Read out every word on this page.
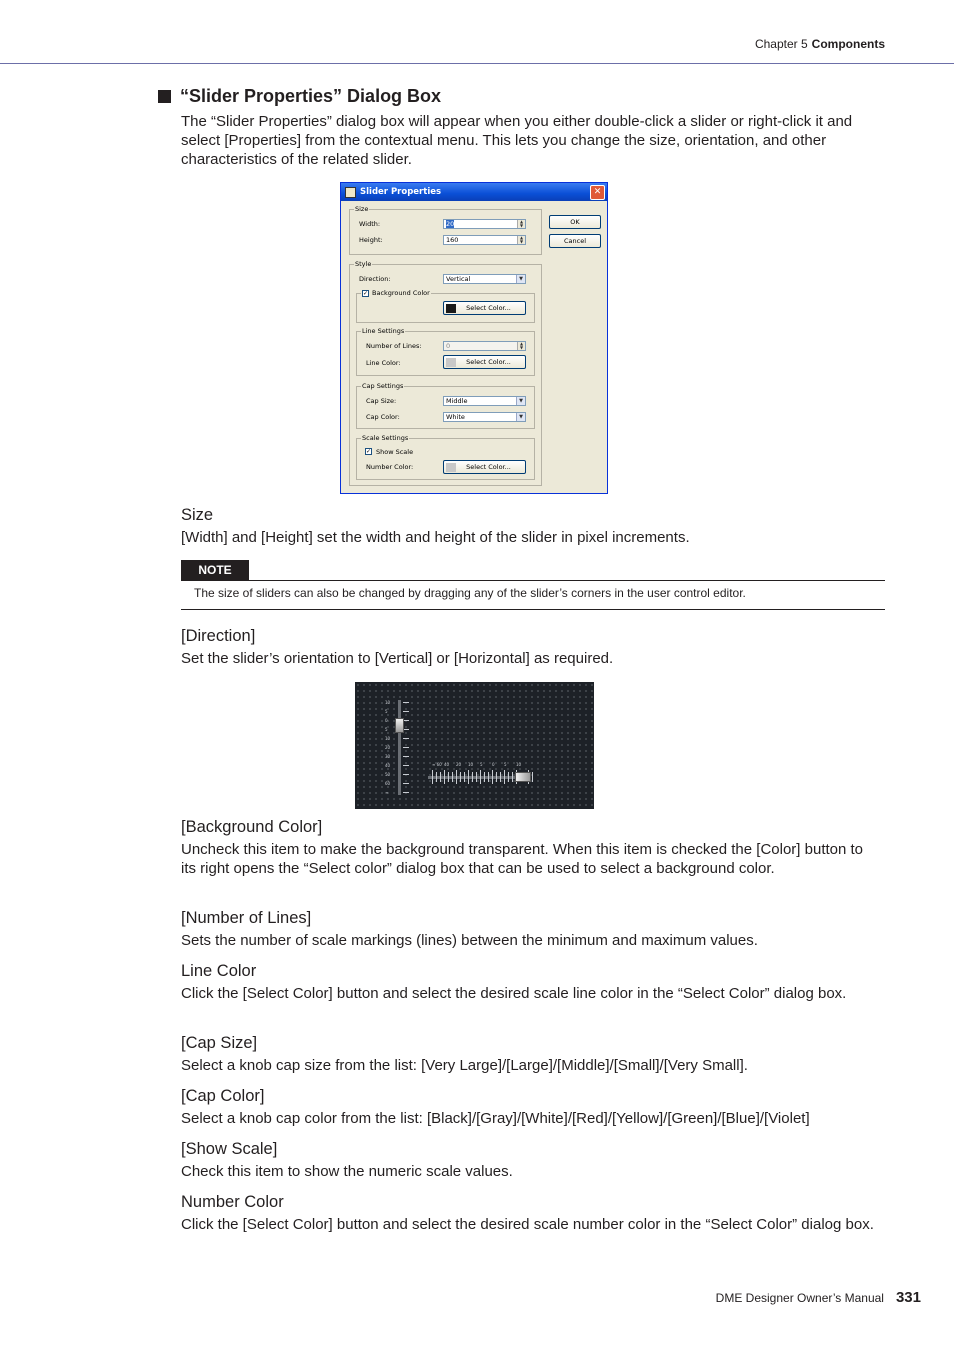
Chapter 5 Components
“Slider Properties” Dialog Box
The “Slider Properties” dialog box will appear when you either double-click a slider or right-click it and select [Properties] from the contextual menu. This lets you change the size, orientation, and other characteristics of the related slider.
Slider Properties	✕
OK
Cancel
Size
Width:	20	▲
▼
Height:	160	▲
▼
Style
Direction:	Vertical	▼
✓ Background Color
Select Color...
Line Settings
Number of Lines:	0	▲
▼
Line Color:	Select Color...
Cap Settings
Cap Size:	Middle	▼
Cap Color:	White	▼
Scale Settings
✓ Show Scale
Number Color:	Select Color...
Size
[Width] and [Height] set the width and height of the slider in pixel increments.
NOTE
The size of sliders can also be changed by dragging any of the slider’s corners in the user control editor.
[Direction]
Set the slider’s orientation to [Vertical] or [Horizontal] as required.
10
5
0
5
10
20
30
40
50
60
∞
∞ 60 40 20 10 5 0 5 10
[Background Color]
Uncheck this item to make the background transparent. When this item is checked the [Color] button to its right opens the “Select color” dialog box that can be used to select a background color.
[Number of Lines]
Sets the number of scale markings (lines) between the minimum and maximum values.
Line Color
Click the [Select Color] button and select the desired scale line color in the “Select Color” dialog box.
[Cap Size]
Select a knob cap size from the list: [Very Large]/[Large]/[Middle]/[Small]/[Very Small].
[Cap Color]
Select a knob cap color from the list: [Black]/[Gray]/[White]/[Red]/[Yellow]/[Green]/[Blue]/[Violet]
[Show Scale]
Check this item to show the numeric scale values.
Number Color
Click the [Select Color] button and select the desired scale number color in the “Select Color” dialog box.
DME Designer Owner’s Manual 331
